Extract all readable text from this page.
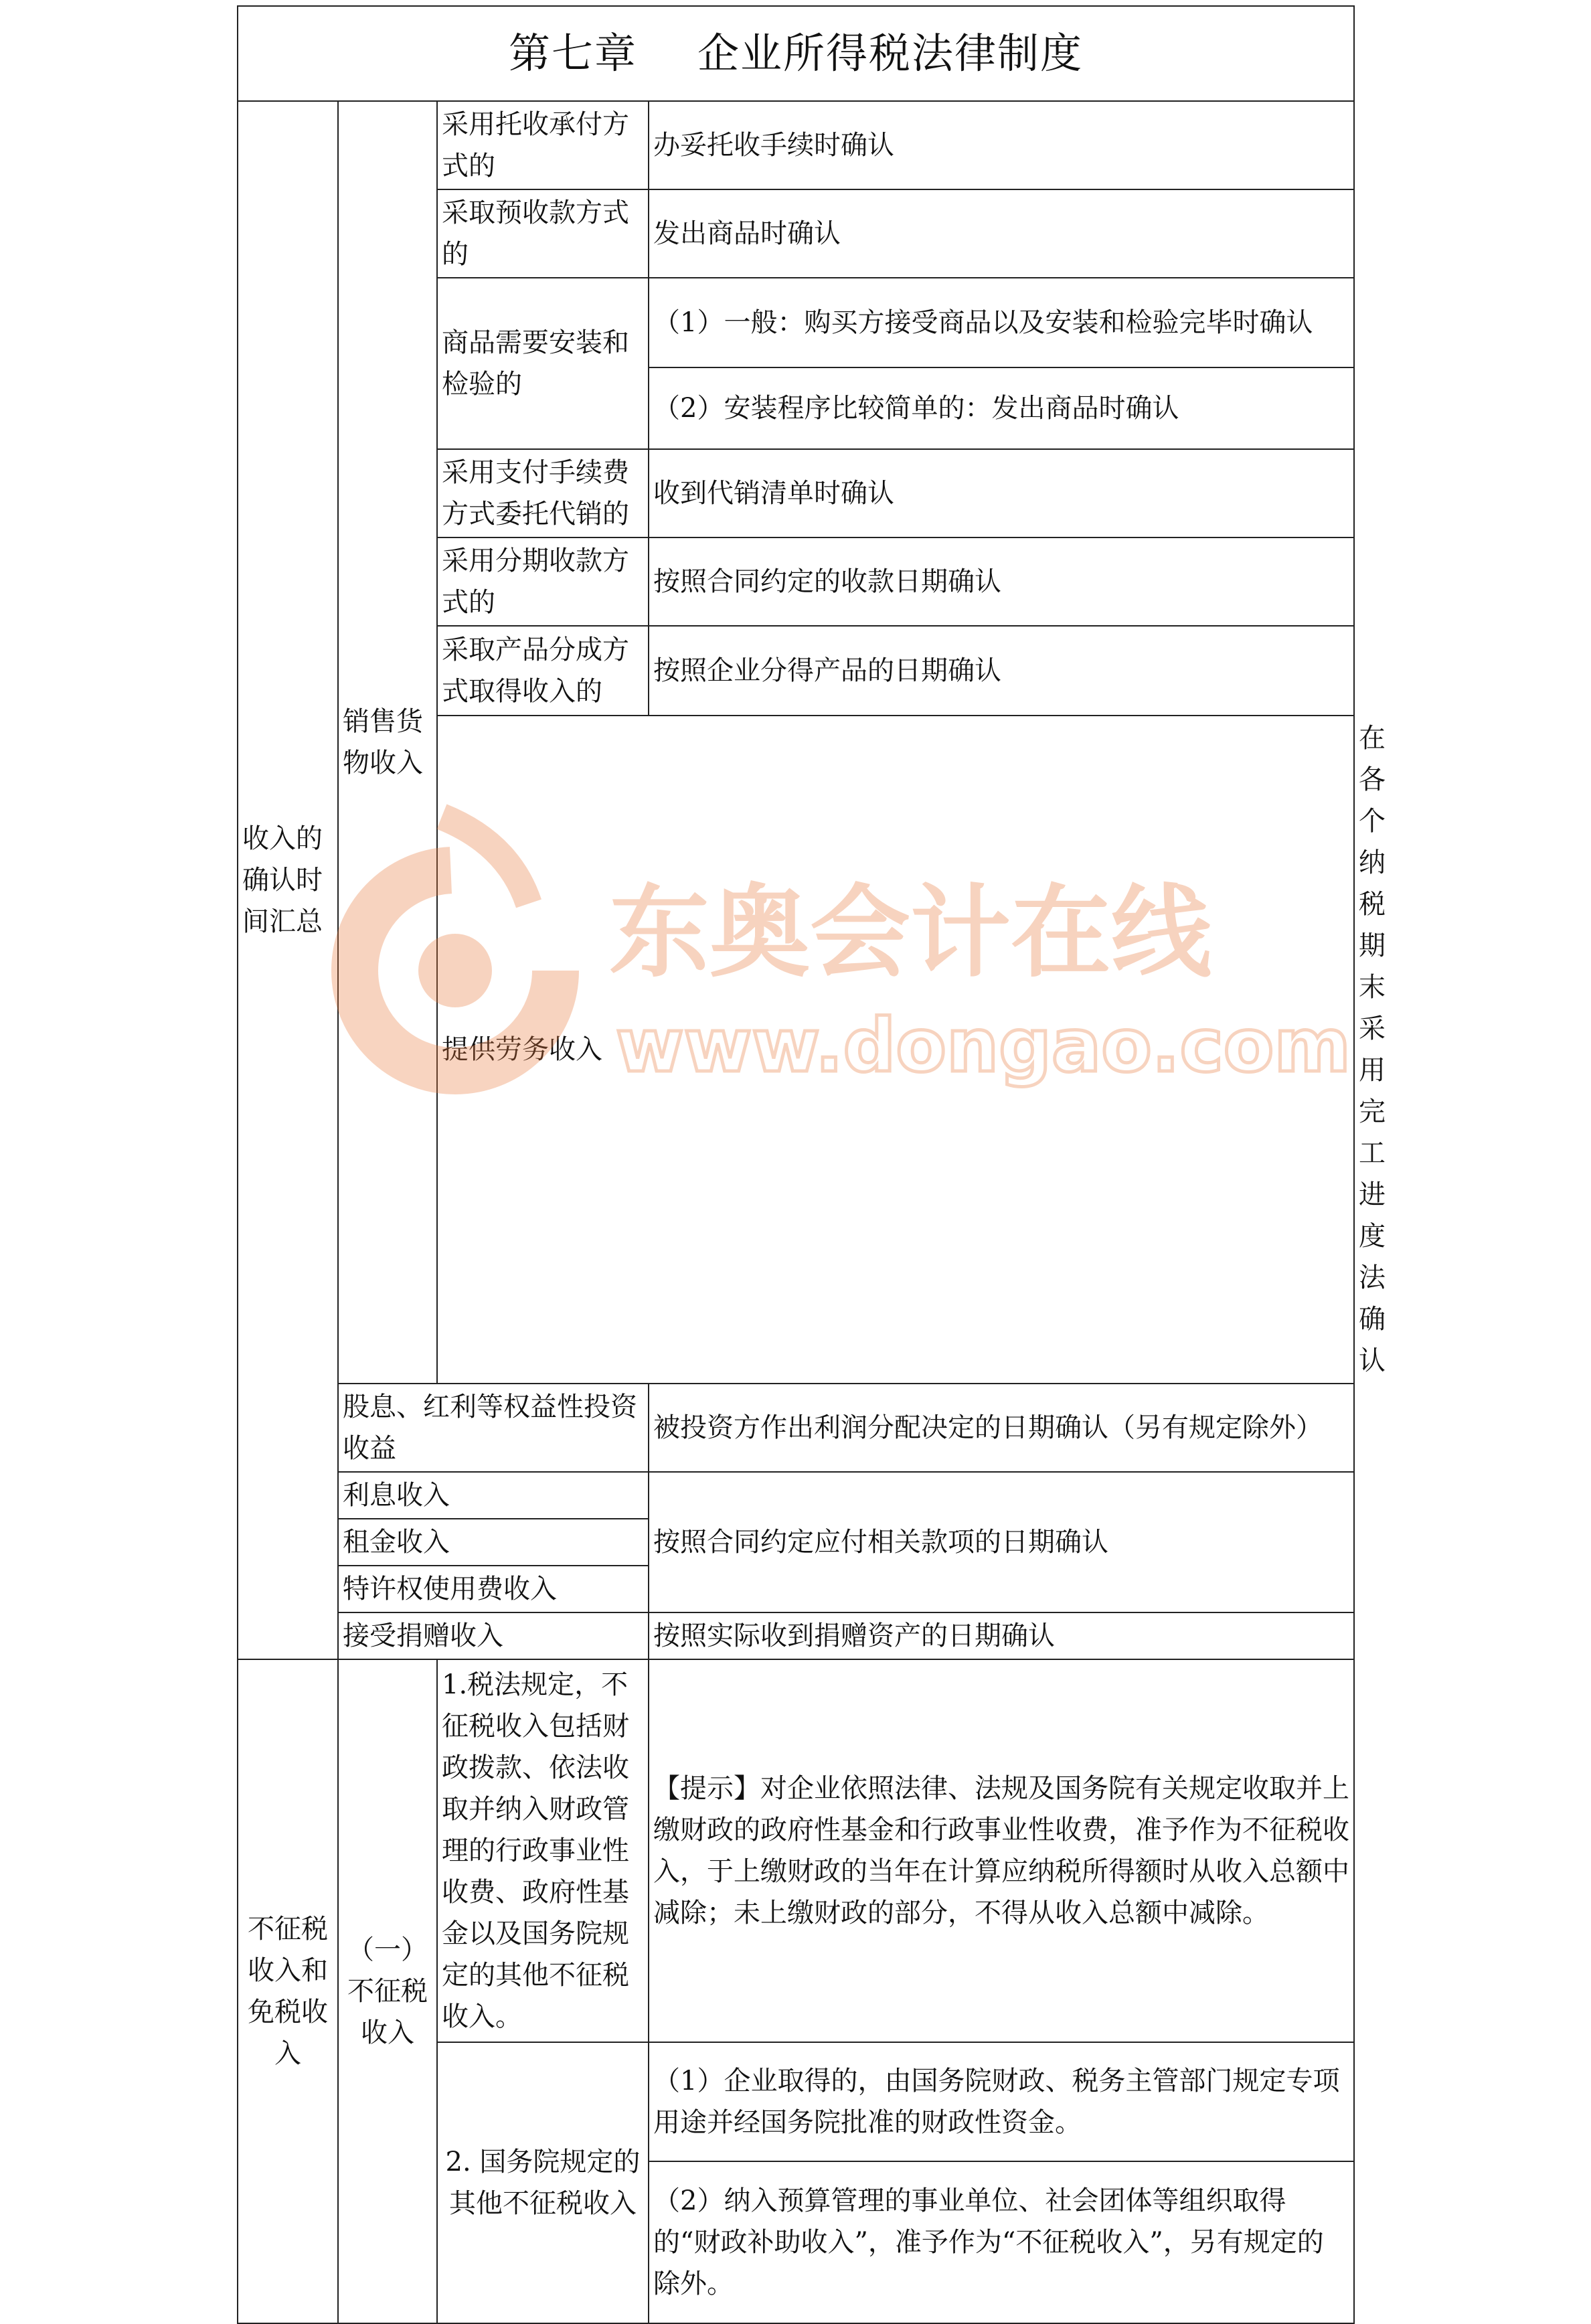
第七章 企业所得税法律制度				
收入的确认时间汇总	销售货物收入	采用托收承付方式的	办妥托收手续时确认	
		采取预收款方式的	发出商品时确认	
		商品需要安装和检验的	（1）一般：购买方接受商品以及安装和检验完毕时确认	
			（2）安装程序比较简单的：发出商品时确认	
		采用支付手续费方式委托代销的	收到代销清单时确认	
		采用分期收款方式的	按照合同约定的收款日期确认	
		采取产品分成方式取得收入的	按照企业分得产品的日期确认	
		提供劳务收入		在各个纳税期末采用完工进度法确认
	股息、红利等权益性投资收益		被投资方作出利润分配决定的日期确认（另有规定除外）	
	利息收入		按照合同约定应付相关款项的日期确认	
	租金收入			
	特许权使用费收入			
	接受捐赠收入		按照实际收到捐赠资产的日期确认	
不征税收入和免税收入	（一）不征税收入	1.税法规定，不征税收入包括财政拨款、依法收取并纳入财政管理的行政事业性收费、政府性基金以及国务院规定的其他不征税收入。	【提示】对企业依照法律、法规及国务院有关规定收取并上缴财政的政府性基金和行政事业性收费，准予作为不征税收入，于上缴财政的当年在计算应纳税所得额时从收入总额中减除；未上缴财政的部分，不得从收入总额中减除。	
		2. 国务院规定的其他不征税收入	（1）企业取得的，由国务院财政、税务主管部门规定专项用途并经国务院批准的财政性资金。	
			（2）纳入预算管理的事业单位、社会团体等组织取得的“财政补助收入”，准予作为“不征税收入”，另有规定的除外。	
东奥会计在线
www.dongao.com
